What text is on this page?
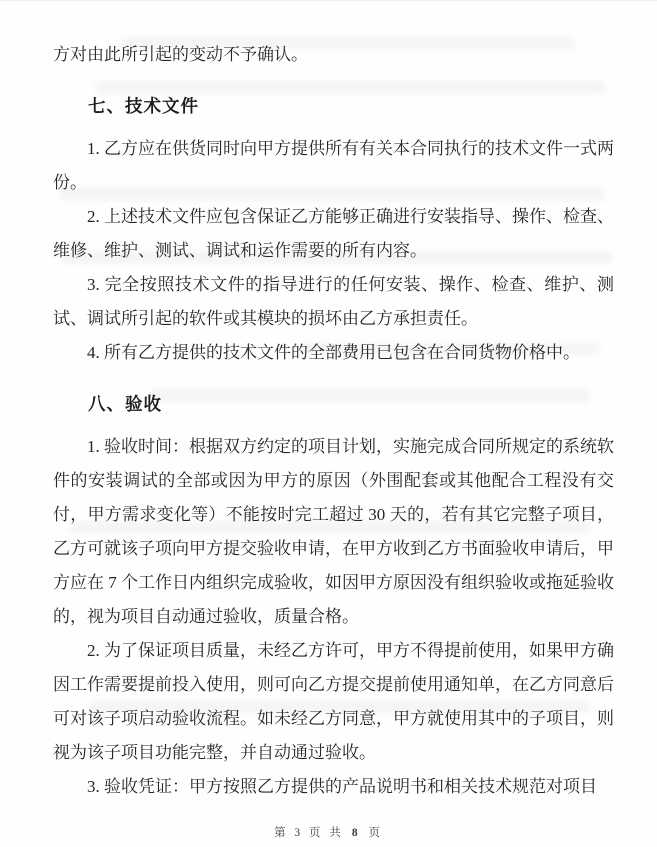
方对由此所引起的变动不予确认。

七、技术文件

1. 乙方应在供货同时向甲方提供所有有关本合同执行的技术文件一式两份。

2. 上述技术文件应包含保证乙方能够正确进行安装指导、操作、检查、维修、维护、测试、调试和运作需要的所有内容。

3. 完全按照技术文件的指导进行的任何安装、操作、检查、维护、测试、调试所引起的软件或其模块的损坏由乙方承担责任。

4. 所有乙方提供的技术文件的全部费用已包含在合同货物价格中。

八、验收

1. 验收时间：根据双方约定的项目计划，实施完成合同所规定的系统软件的安装调试的全部或因为甲方的原因（外围配套或其他配合工程没有交付，甲方需求变化等）不能按时完工超过 30 天的，若有其它完整子项目，乙方可就该子项向甲方提交验收申请，在甲方收到乙方书面验收申请后，甲方应在 7 个工作日内组织完成验收，如因甲方原因没有组织验收或拖延验收的，视为项目自动通过验收，质量合格。

2. 为了保证项目质量，未经乙方许可，甲方不得提前使用，如果甲方确因工作需要提前投入使用，则可向乙方提交提前使用通知单，在乙方同意后可对该子项启动验收流程。如未经乙方同意，甲方就使用其中的子项目，则视为该子项目功能完整，并自动通过验收。

3. 验收凭证：甲方按照乙方提供的产品说明书和相关技术规范对项目

第 3 页 共 8 页
